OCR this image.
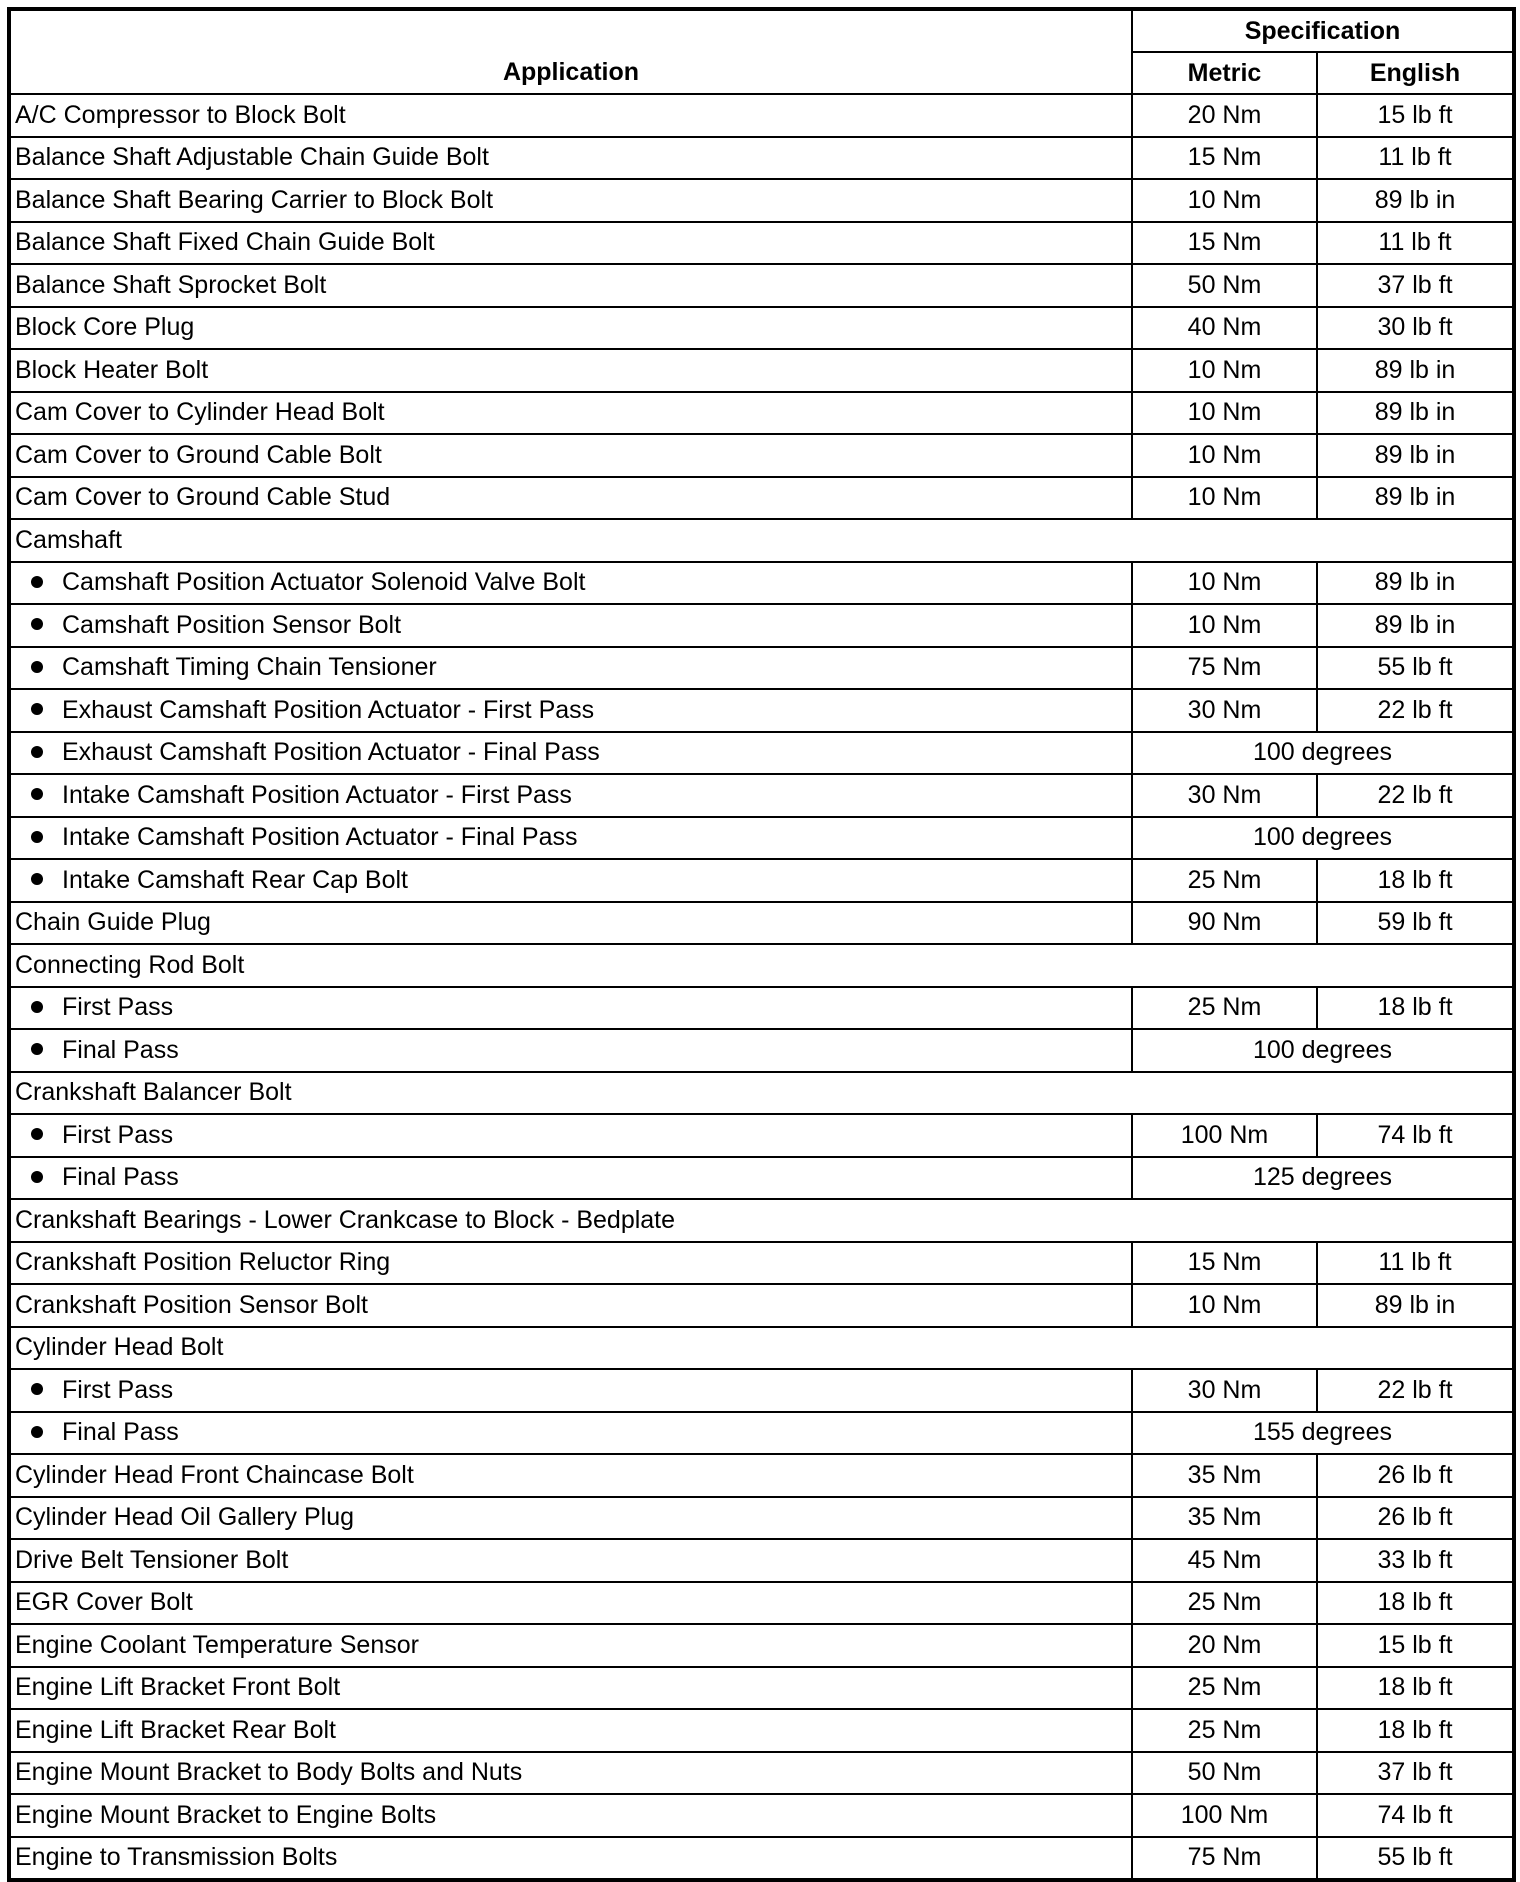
Application	Specification	
	Metric	English
A/C Compressor to Block Bolt	20 Nm	15 lb ft
Balance Shaft Adjustable Chain Guide Bolt	15 Nm	11 lb ft
Balance Shaft Bearing Carrier to Block Bolt	10 Nm	89 lb in
Balance Shaft Fixed Chain Guide Bolt	15 Nm	11 lb ft
Balance Shaft Sprocket Bolt	50 Nm	37 lb ft
Block Core Plug	40 Nm	30 lb ft
Block Heater Bolt	10 Nm	89 lb in
Cam Cover to Cylinder Head Bolt	10 Nm	89 lb in
Cam Cover to Ground Cable Bolt	10 Nm	89 lb in
Cam Cover to Ground Cable Stud	10 Nm	89 lb in
Camshaft		
Camshaft Position Actuator Solenoid Valve Bolt	10 Nm	89 lb in
Camshaft Position Sensor Bolt	10 Nm	89 lb in
Camshaft Timing Chain Tensioner	75 Nm	55 lb ft
Exhaust Camshaft Position Actuator - First Pass	30 Nm	22 lb ft
Exhaust Camshaft Position Actuator - Final Pass	100 degrees	
Intake Camshaft Position Actuator - First Pass	30 Nm	22 lb ft
Intake Camshaft Position Actuator - Final Pass	100 degrees	
Intake Camshaft Rear Cap Bolt	25 Nm	18 lb ft
Chain Guide Plug	90 Nm	59 lb ft
Connecting Rod Bolt		
First Pass	25 Nm	18 lb ft
Final Pass	100 degrees	
Crankshaft Balancer Bolt		
First Pass	100 Nm	74 lb ft
Final Pass	125 degrees	
Crankshaft Bearings - Lower Crankcase to Block - Bedplate		
Crankshaft Position Reluctor Ring	15 Nm	11 lb ft
Crankshaft Position Sensor Bolt	10 Nm	89 lb in
Cylinder Head Bolt		
First Pass	30 Nm	22 lb ft
Final Pass	155 degrees	
Cylinder Head Front Chaincase Bolt	35 Nm	26 lb ft
Cylinder Head Oil Gallery Plug	35 Nm	26 lb ft
Drive Belt Tensioner Bolt	45 Nm	33 lb ft
EGR Cover Bolt	25 Nm	18 lb ft
Engine Coolant Temperature Sensor	20 Nm	15 lb ft
Engine Lift Bracket Front Bolt	25 Nm	18 lb ft
Engine Lift Bracket Rear Bolt	25 Nm	18 lb ft
Engine Mount Bracket to Body Bolts and Nuts	50 Nm	37 lb ft
Engine Mount Bracket to Engine Bolts	100 Nm	74 lb ft
Engine to Transmission Bolts	75 Nm	55 lb ft
